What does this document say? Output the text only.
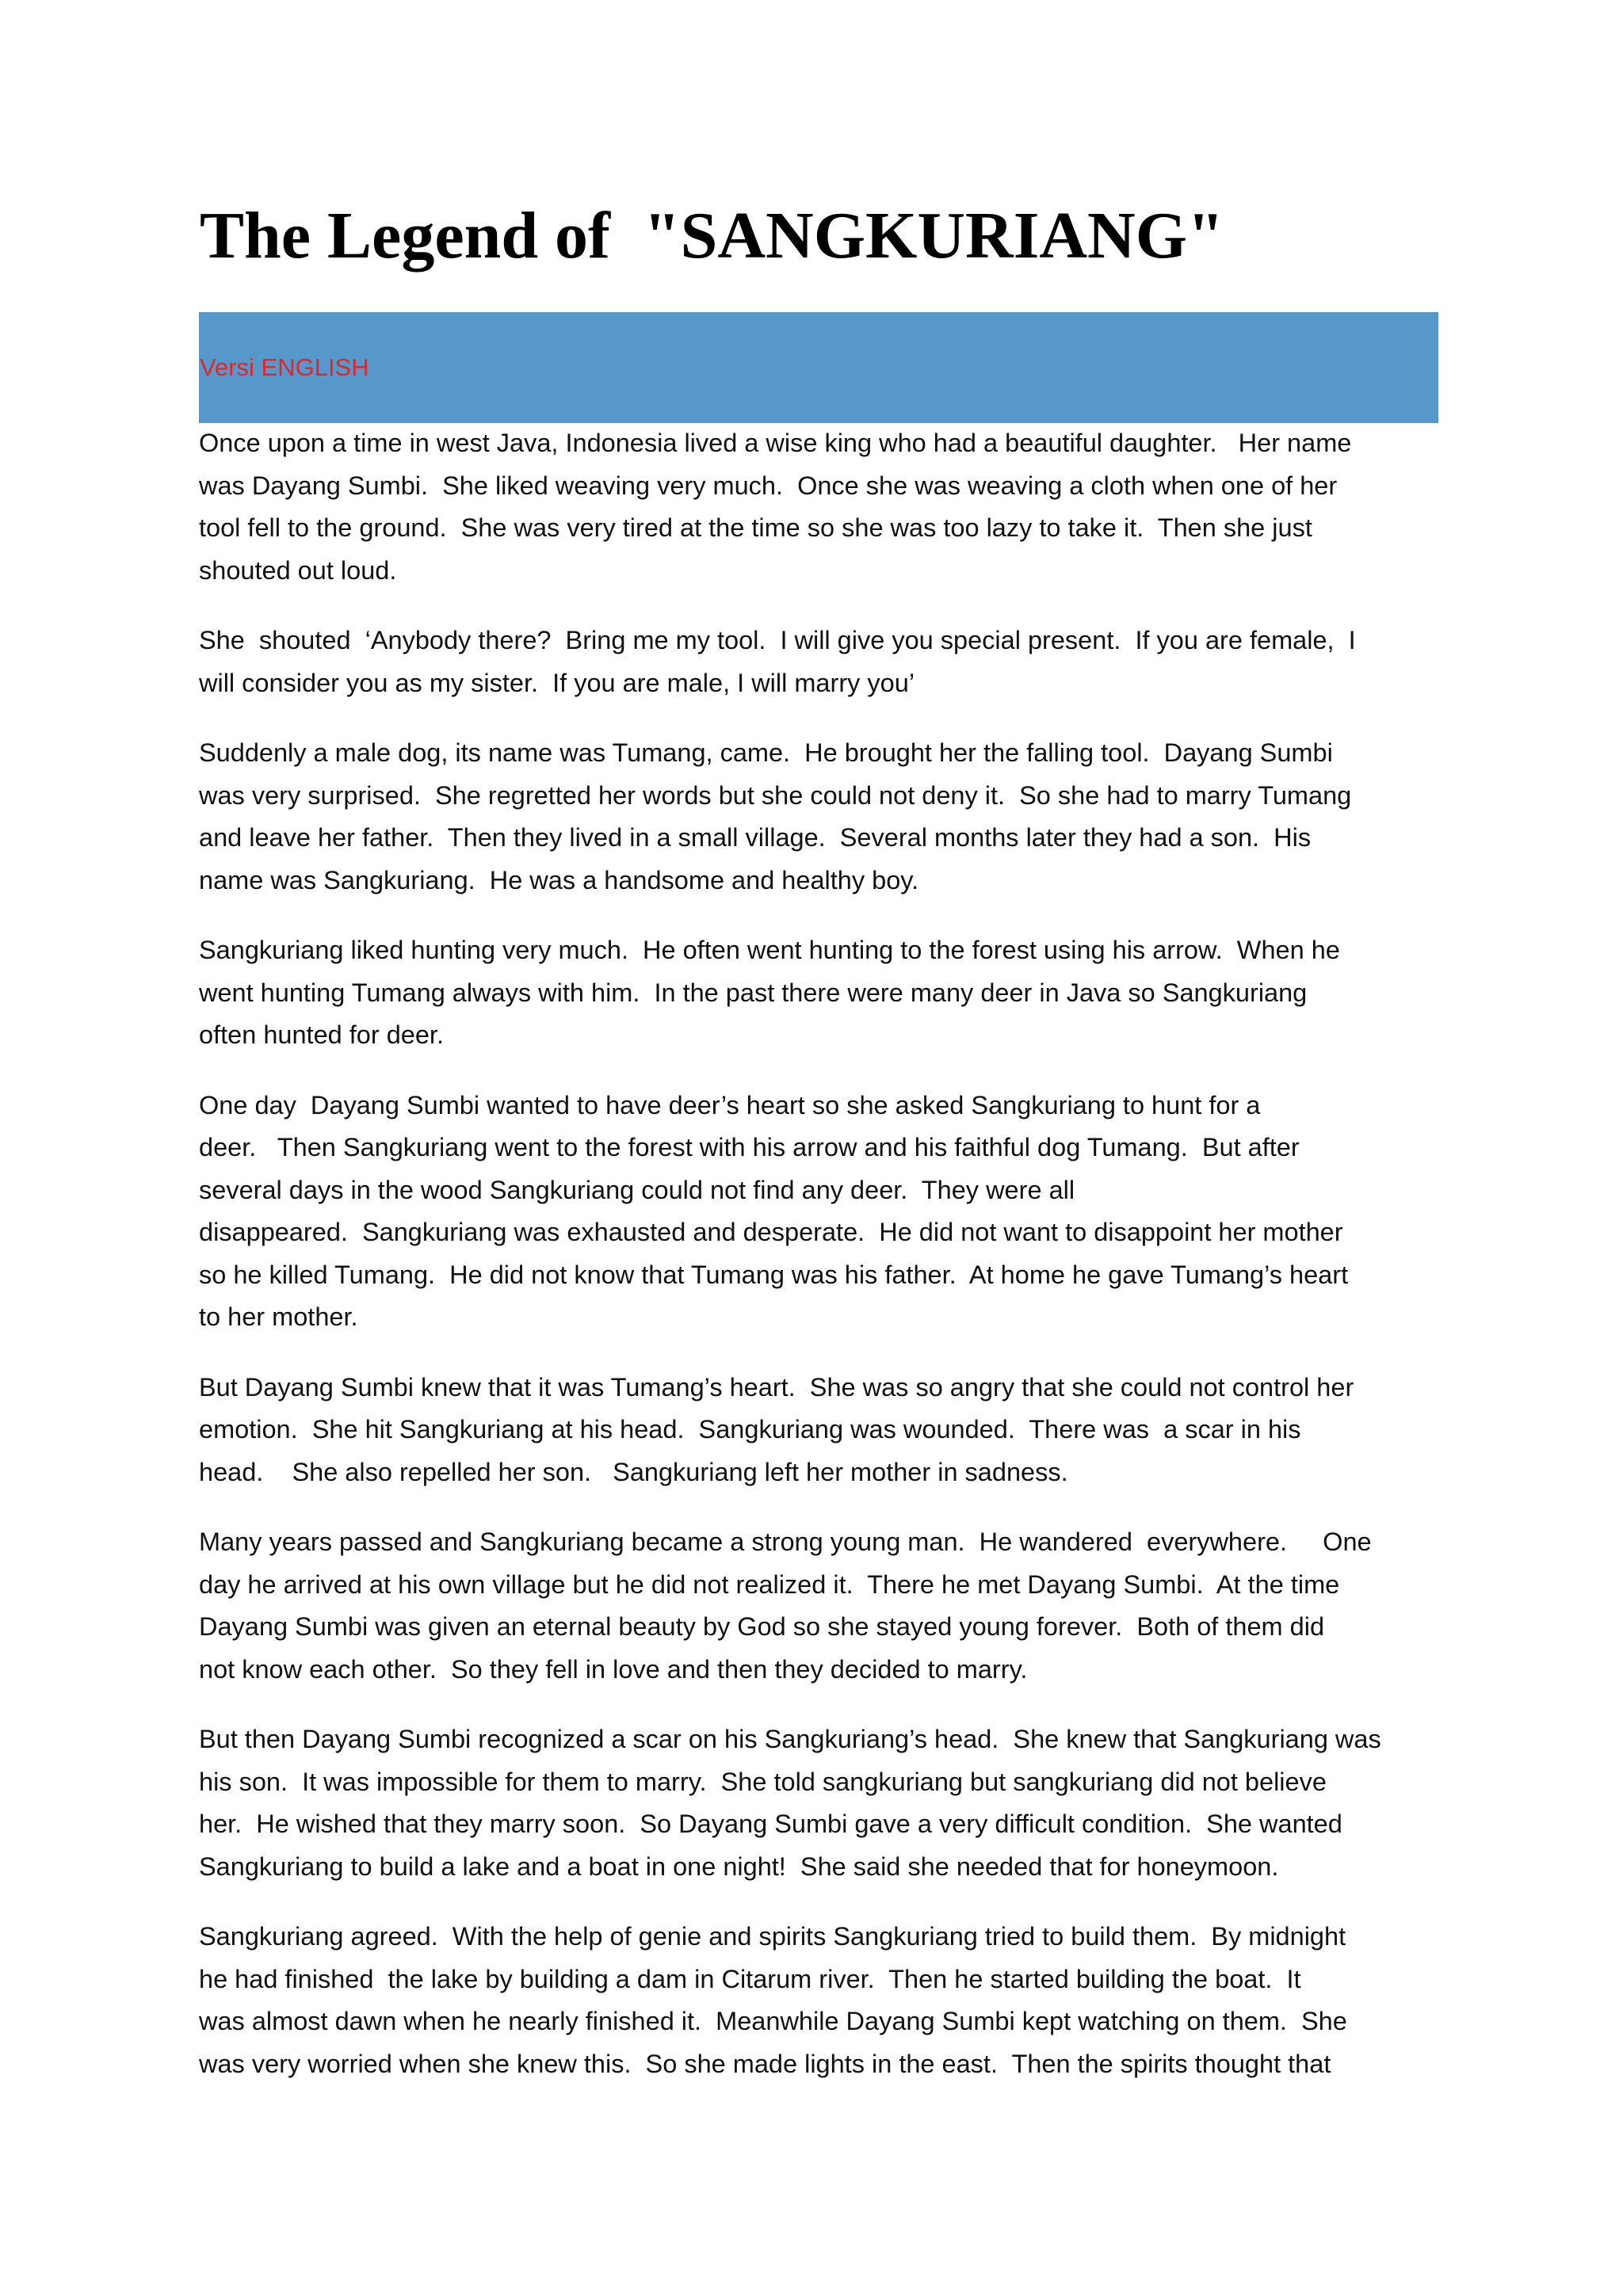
The Legend of  "SANGKURIANG"
Versi ENGLISH

Once upon a time in west Java, Indonesia lived a wise king who had a beautiful daughter.   Her name
was Dayang Sumbi.  She liked weaving very much.  Once she was weaving a cloth when one of her
tool fell to the ground.  She was very tired at the time so she was too lazy to take it.  Then she just
shouted out loud.

She  shouted  ‘Anybody there?  Bring me my tool.  I will give you special present.  If you are female,  I
will consider you as my sister.  If you are male, I will marry you’

Suddenly a male dog, its name was Tumang, came.  He brought her the falling tool.  Dayang Sumbi
was very surprised.  She regretted her words but she could not deny it.  So she had to marry Tumang
and leave her father.  Then they lived in a small village.  Several months later they had a son.  His
name was Sangkuriang.  He was a handsome and healthy boy.

Sangkuriang liked hunting very much.  He often went hunting to the forest using his arrow.  When he
went hunting Tumang always with him.  In the past there were many deer in Java so Sangkuriang
often hunted for deer.

One day  Dayang Sumbi wanted to have deer’s heart so she asked Sangkuriang to hunt for a
deer.   Then Sangkuriang went to the forest with his arrow and his faithful dog Tumang.  But after
several days in the wood Sangkuriang could not find any deer.  They were all
disappeared.  Sangkuriang was exhausted and desperate.  He did not want to disappoint her mother
so he killed Tumang.  He did not know that Tumang was his father.  At home he gave Tumang’s heart
to her mother.

But Dayang Sumbi knew that it was Tumang’s heart.  She was so angry that she could not control her
emotion.  She hit Sangkuriang at his head.  Sangkuriang was wounded.  There was  a scar in his
head.    She also repelled her son.   Sangkuriang left her mother in sadness.

Many years passed and Sangkuriang became a strong young man.  He wandered  everywhere.     One
day he arrived at his own village but he did not realized it.  There he met Dayang Sumbi.  At the time
Dayang Sumbi was given an eternal beauty by God so she stayed young forever.  Both of them did
not know each other.  So they fell in love and then they decided to marry.

But then Dayang Sumbi recognized a scar on his Sangkuriang’s head.  She knew that Sangkuriang was
his son.  It was impossible for them to marry.  She told sangkuriang but sangkuriang did not believe
her.  He wished that they marry soon.  So Dayang Sumbi gave a very difficult condition.  She wanted
Sangkuriang to build a lake and a boat in one night!  She said she needed that for honeymoon.

Sangkuriang agreed.  With the help of genie and spirits Sangkuriang tried to build them.  By midnight
he had finished  the lake by building a dam in Citarum river.  Then he started building the boat.  It
was almost dawn when he nearly finished it.  Meanwhile Dayang Sumbi kept watching on them.  She
was very worried when she knew this.  So she made lights in the east.  Then the spirits thought that
